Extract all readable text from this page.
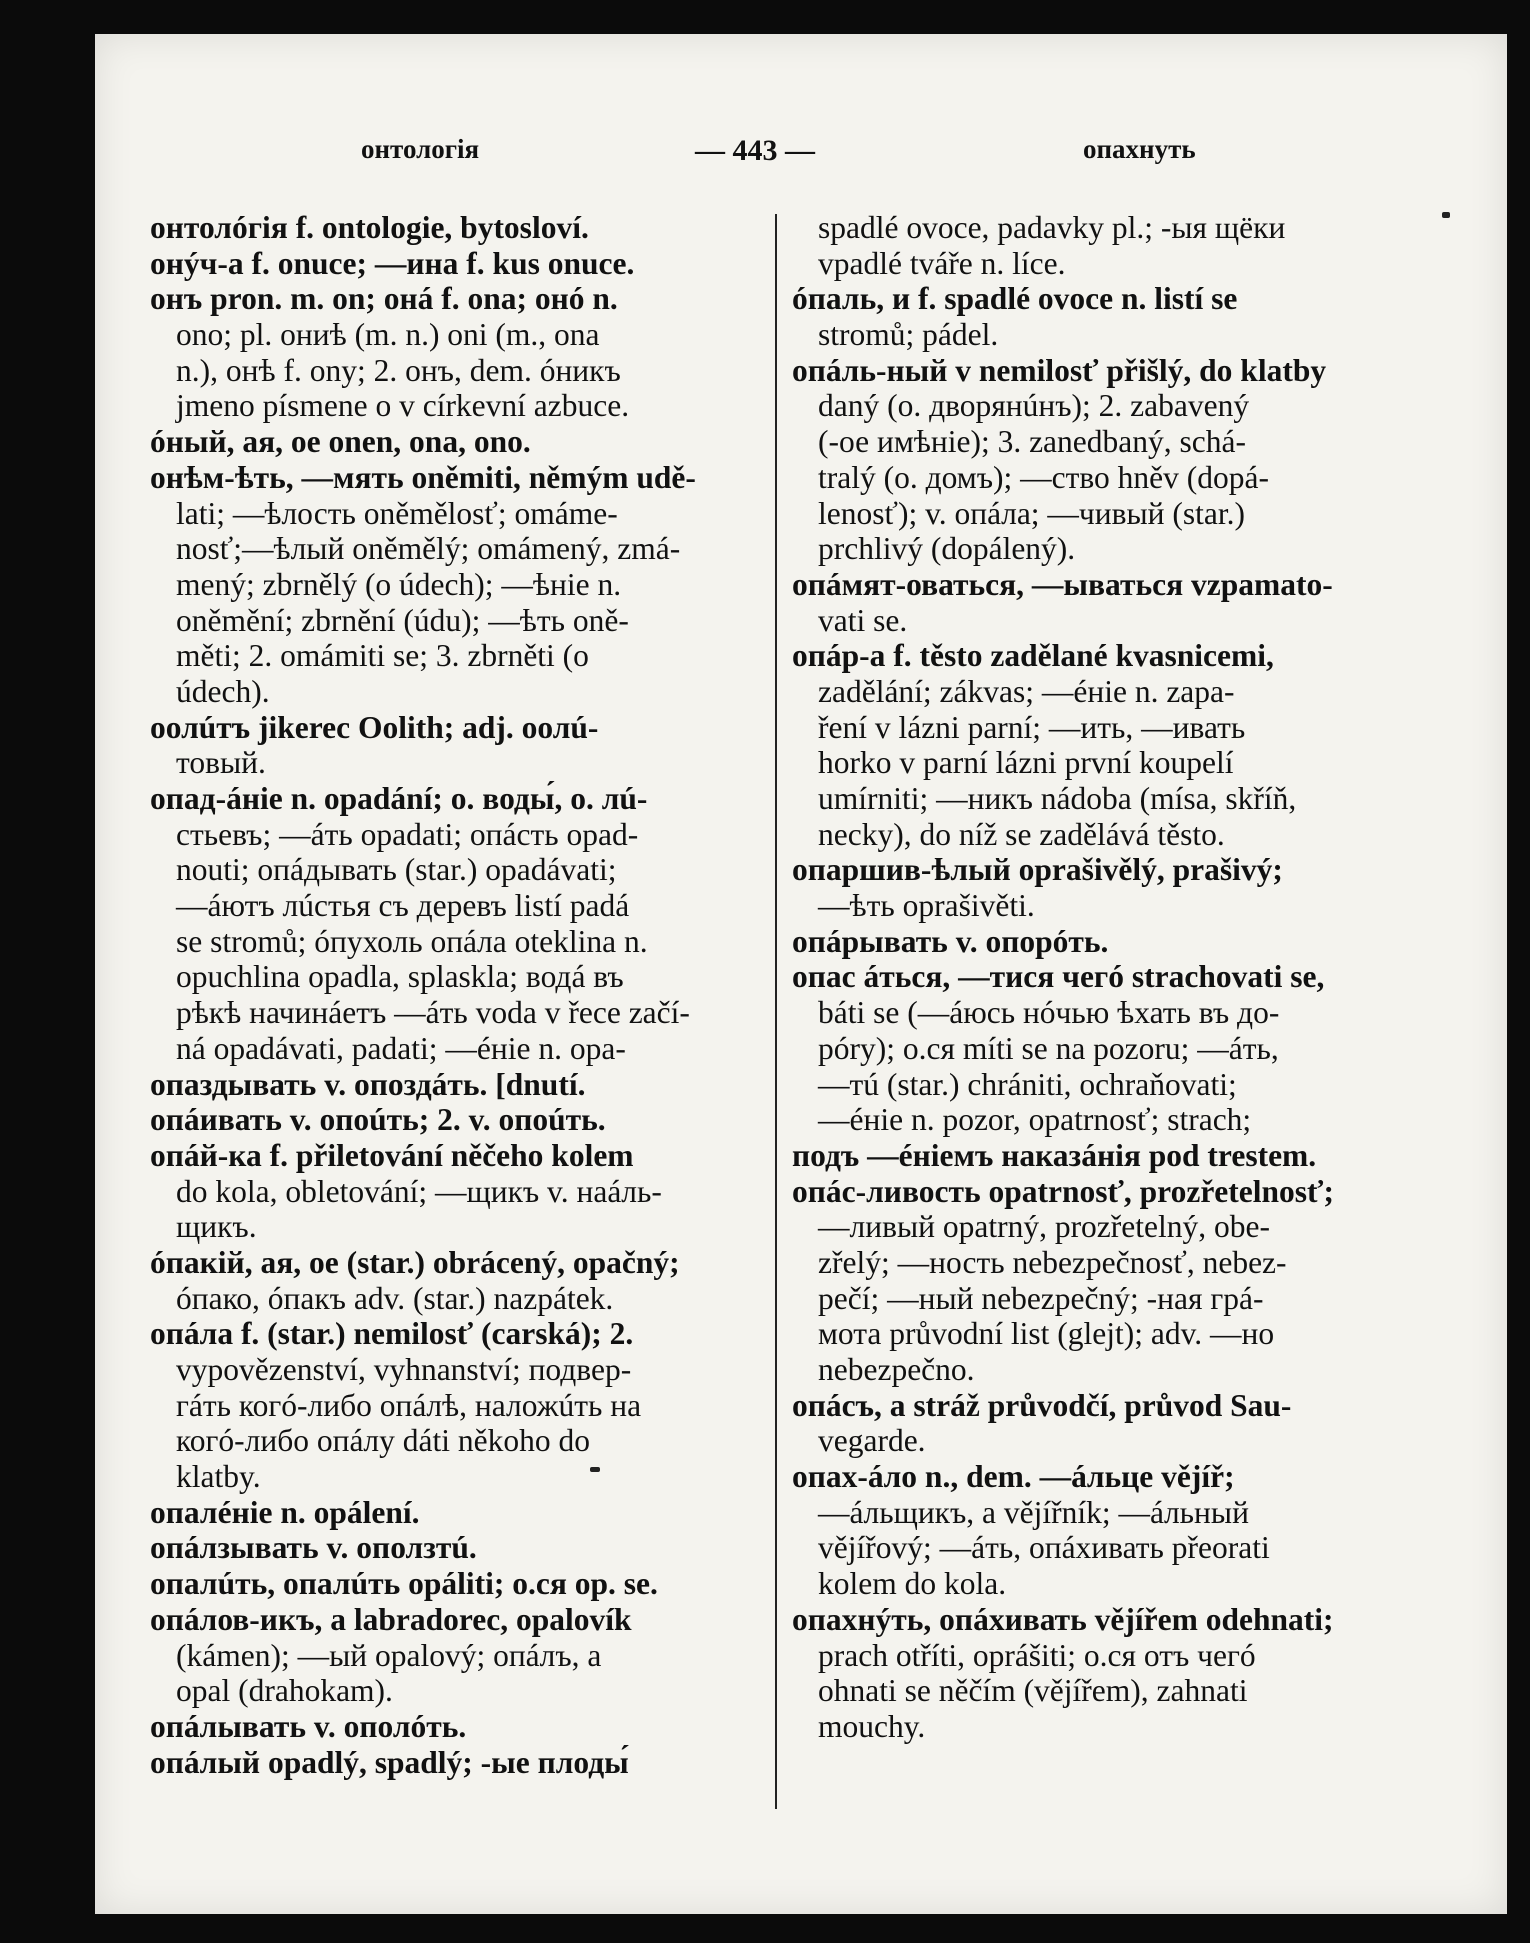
онтологія	— 443 —	опахнуть
онтолóгія f. ontologie, bytosloví.
онýч-a f. onuce; —ина f. kus onuce.
онъ pron. m. on; онá f. ona; онó n.
ono; pl. ониѣ (m. n.) oni (m., ona
n.), онѣ f. ony; 2. онъ, dem. óникъ
jmeno písmene o v církevní azbuce.
óный, ая, ое onen, ona, ono.
онѣм-ѣть, —мять oněmiti, němým udě-
lati; —ѣлость oněmělosť; omáme-
nosť;—ѣлый oněmělý; omámený, zmá-
mený; zbrnělý (o údech); —ѣніе n.
oněmění; zbrnění (údu); —ѣть oně-
měti; 2. omámiti se; 3. zbrněti (o
údech).
оолúтъ jikerec Oolith; adj. оолú-
товый.
опад-áніе n. opadání; о. воды́, о. лú-
стьевъ; —áть opadati; опáсть opad-
nouti; опáдывать (star.) opadávati;
—áютъ лúстья съ деревъ listí padá
se stromů; óпухоль опáла oteklina n.
opuchlina opadla, splaskla; водá въ
рѣкѣ начинáетъ —áть voda v řece začí-
ná opadávati, padati; —éніе n. opa-
опаздывать v. опоздáть. [dnutí.
опáивать v. опоúть; 2. v. опоúть.
опáй-ка f. přiletování něčeho kolem
do kola, obletování; —щикъ v. наáль-
щикъ.
óпакій, ая, ое (star.) obrácený, opačný;
óпако, óпакъ adv. (star.) nazpátek.
опáла f. (star.) nemilosť (carská); 2.
vypovězenství, vyhnanství; подвер-
гáть когó-либо опáлѣ, наложúть на
когó-либо опáлу dáti někoho do
klatby.
опалéніе n. opálení.
опáлзывать v. оползтú.
опалúть, опалúть opáliti; о.ся op. se.
опáлов-икъ, а labradorec, opalovík
(kámen); —ый opalový; опáлъ, а
opal (drahokam).
опáлывать v. ополóть.
опáлый opadlý, spadlý; -ые плоды́
spadlé ovoce, padavky pl.; -ыя щёки
vpadlé tváře n. líce.
óпаль, и f. spadlé ovoce n. listí se
stromů; pádel.
опáль-ный v nemilosť přišlý, do klatby
daný (о. дворянúнъ); 2. zabavený
(-ое имѣніе); 3. zanedbaný, schá-
tralý (о. домъ); —ство hněv (dopá-
lenosť); v. опáла; —чивый (star.)
prchlivý (dopálený).
опáмят-оваться, —ываться vzpamato-
vati se.
опáр-a f. těsto zadělané kvasnicemi,
zadělání; zákvas; —éніе n. zapa-
ření v lázni parní; —ить, —ивать
horko v parní lázni první koupelí
umírniti; —никъ nádoba (mísa, skříň,
necky), do níž se zadělává těsto.
опаршив-ѣлый oprašivělý, prašivý;
—ѣть oprašivěti.
опáрывать v. опорóть.
опас áться, —тися чегó strachovati se,
báti se (—áюсь нóчью ѣхать въ до-
pórу); о.ся míti se na pozoru; —áть,
—тú (star.) chrániti, ochraňovati;
—éніе n. pozor, opatrnosť; strach;
подъ —éніемъ наказáнія pod trestem.
опáс-ливость opatrnosť, prozřetelnosť;
—ливый opatrný, prozřetelný, obe-
zřelý; —ность nebezpečnosť, nebez-
pečí; —ный nebezpečný; -ная грá-
мота průvodní list (glejt); adv. —но
nebezpečno.
опáсъ, а stráž průvodčí, průvod Sau-
vegarde.
опах-áло n., dem. —áльце vějíř;
—áльщикъ, а vějířník; —áльный
vějířový; —áть, опáхивать přeorati
kolem do kola.
опахнýть, опáхивать vějířem odehnati;
prach otříti, oprášiti; о.ся отъ чегó
ohnati se něčím (vějířem), zahnati
mouchy.
